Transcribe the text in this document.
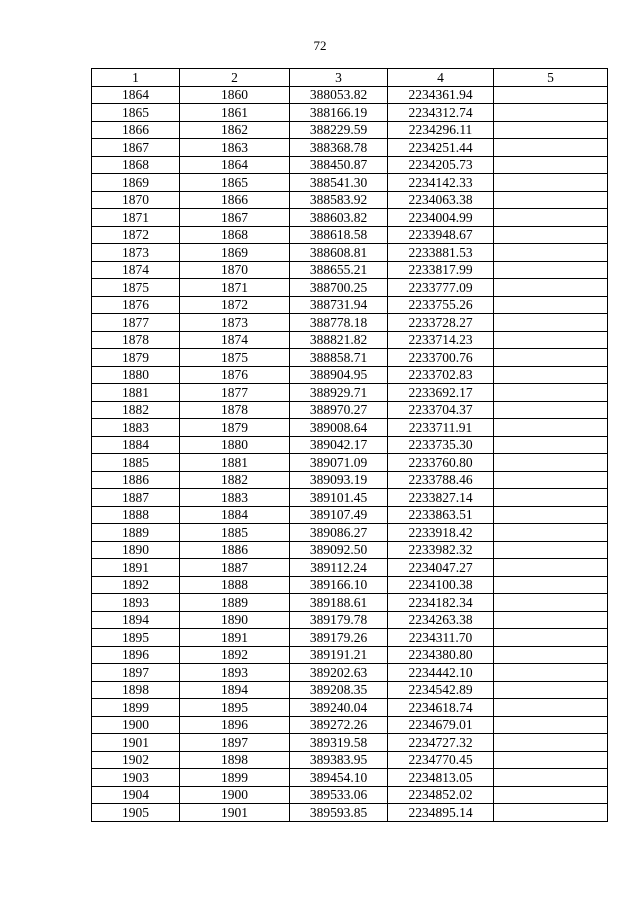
72
1	2	3	4	5
1864	1860	388053.82	2234361.94	
1865	1861	388166.19	2234312.74	
1866	1862	388229.59	2234296.11	
1867	1863	388368.78	2234251.44	
1868	1864	388450.87	2234205.73	
1869	1865	388541.30	2234142.33	
1870	1866	388583.92	2234063.38	
1871	1867	388603.82	2234004.99	
1872	1868	388618.58	2233948.67	
1873	1869	388608.81	2233881.53	
1874	1870	388655.21	2233817.99	
1875	1871	388700.25	2233777.09	
1876	1872	388731.94	2233755.26	
1877	1873	388778.18	2233728.27	
1878	1874	388821.82	2233714.23	
1879	1875	388858.71	2233700.76	
1880	1876	388904.95	2233702.83	
1881	1877	388929.71	2233692.17	
1882	1878	388970.27	2233704.37	
1883	1879	389008.64	2233711.91	
1884	1880	389042.17	2233735.30	
1885	1881	389071.09	2233760.80	
1886	1882	389093.19	2233788.46	
1887	1883	389101.45	2233827.14	
1888	1884	389107.49	2233863.51	
1889	1885	389086.27	2233918.42	
1890	1886	389092.50	2233982.32	
1891	1887	389112.24	2234047.27	
1892	1888	389166.10	2234100.38	
1893	1889	389188.61	2234182.34	
1894	1890	389179.78	2234263.38	
1895	1891	389179.26	2234311.70	
1896	1892	389191.21	2234380.80	
1897	1893	389202.63	2234442.10	
1898	1894	389208.35	2234542.89	
1899	1895	389240.04	2234618.74	
1900	1896	389272.26	2234679.01	
1901	1897	389319.58	2234727.32	
1902	1898	389383.95	2234770.45	
1903	1899	389454.10	2234813.05	
1904	1900	389533.06	2234852.02	
1905	1901	389593.85	2234895.14	
